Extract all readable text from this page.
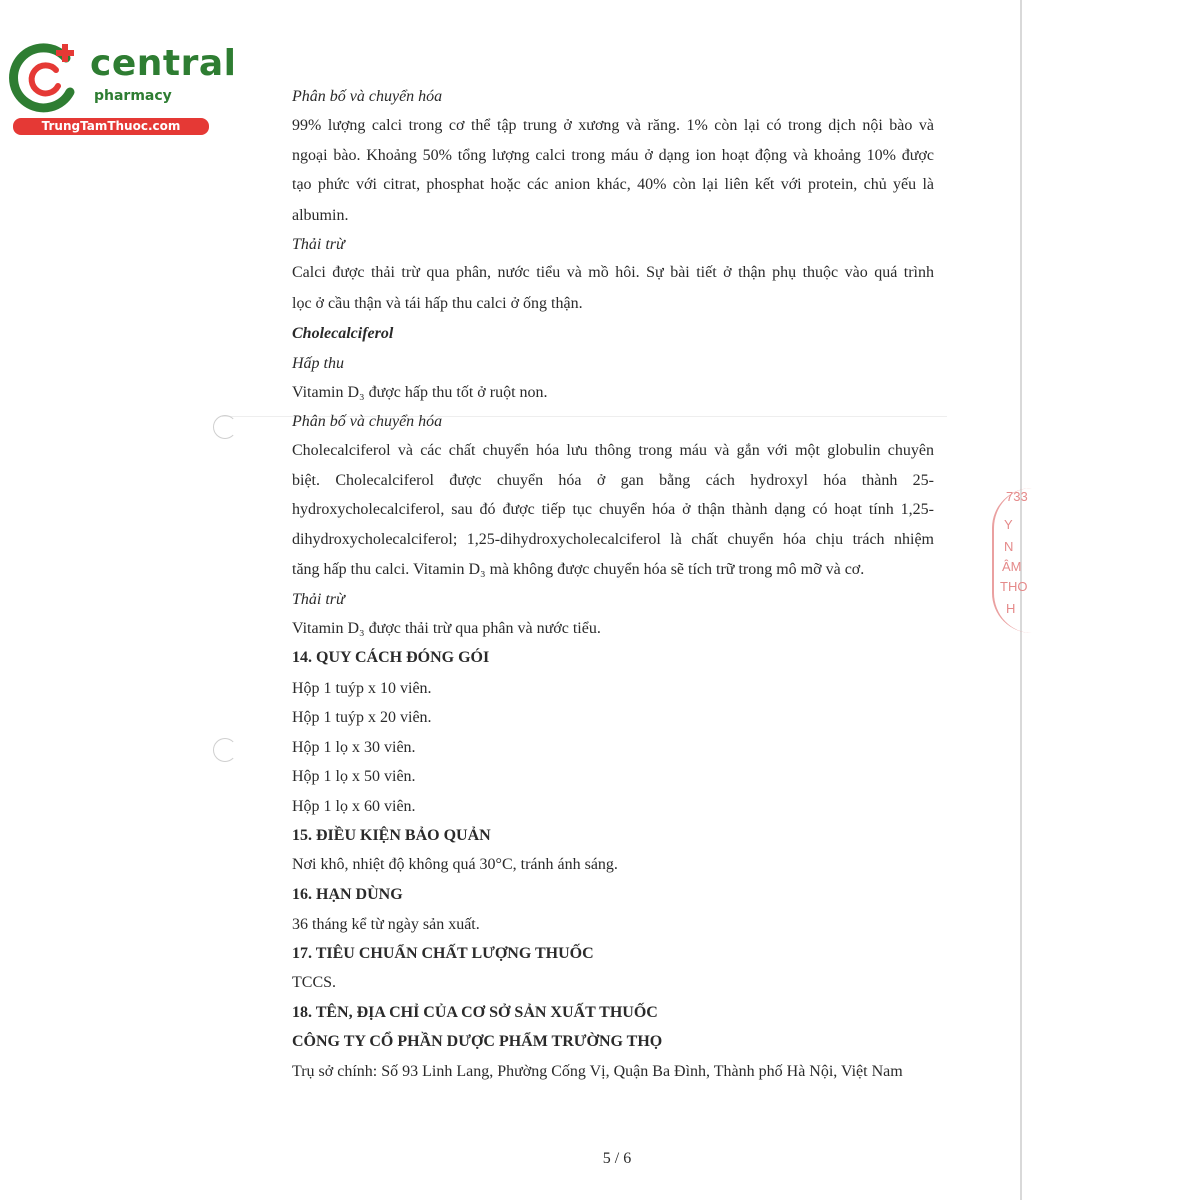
central
pharmacy
TrungTamThuoc.com
733
Y
N
ÂM
THO
H

Phân bố và chuyển hóa

99% lượng calci trong cơ thể tập trung ở xương và răng. 1% còn lại có trong dịch nội bào và

ngoại bào. Khoảng 50% tổng lượng calci trong máu ở dạng ion hoạt động và khoảng 10% được

tạo phức với citrat, phosphat hoặc các anion khác, 40% còn lại liên kết với protein, chủ yếu là

albumin.

Thải trừ

Calci được thải trừ qua phân, nước tiểu và mồ hôi. Sự bài tiết ở thận phụ thuộc vào quá trình

lọc ở cầu thận và tái hấp thu calci ở ống thận.

Cholecalciferol

Hấp thu

Vitamin D₃ được hấp thu tốt ở ruột non.

Phân bố và chuyển hóa

Cholecalciferol và các chất chuyển hóa lưu thông trong máu và gắn với một globulin chuyên

biệt. Cholecalciferol được chuyển hóa ở gan bằng cách hydroxyl hóa thành 25-

hydroxycholecalciferol, sau đó được tiếp tục chuyển hóa ở thận thành dạng có hoạt tính 1,25-

dihydroxycholecalciferol; 1,25-dihydroxycholecalciferol là chất chuyển hóa chịu trách nhiệm

tăng hấp thu calci. Vitamin D₃ mà không được chuyển hóa sẽ tích trữ trong mô mỡ và cơ.

Thải trừ

Vitamin D₃ được thải trừ qua phân và nước tiểu.

14. QUY CÁCH ĐÓNG GÓI

Hộp 1 tuýp x 10 viên.

Hộp 1 tuýp x 20 viên.

Hộp 1 lọ x 30 viên.

Hộp 1 lọ x 50 viên.

Hộp 1 lọ x 60 viên.

15. ĐIỀU KIỆN BẢO QUẢN

Nơi khô, nhiệt độ không quá 30°C, tránh ánh sáng.

16. HẠN DÙNG

36 tháng kể từ ngày sản xuất.

17. TIÊU CHUẨN CHẤT LƯỢNG THUỐC

TCCS.

18. TÊN, ĐỊA CHỈ CỦA CƠ SỞ SẢN XUẤT THUỐC

CÔNG TY CỔ PHẦN DƯỢC PHẨM TRƯỜNG THỌ

Trụ sở chính: Số 93 Linh Lang, Phường Cống Vị, Quận Ba Đình, Thành phố Hà Nội, Việt Nam

5 / 6
